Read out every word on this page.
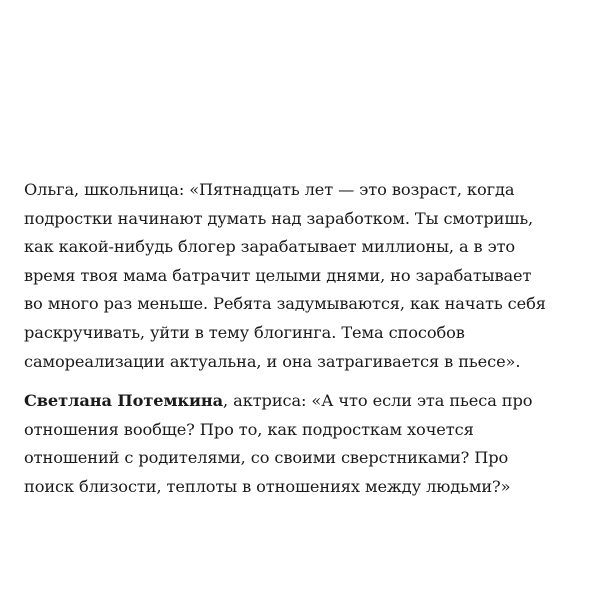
Ольга, школьница: «Пятнадцать лет — это возраст, когда
подростки начинают думать над заработком. Ты смотришь,
как какой-нибудь блогер зарабатывает миллионы, а в это
время твоя мама батрачит целыми днями, но зарабатывает
во много раз меньше. Ребята задумываются, как начать себя
раскручивать, уйти в тему блогинга. Тема способов
самореализации актуальна, и она затрагивается в пьесе».
Светлана Потемкина, актриса: «А что если эта пьеса про
отношения вообще? Про то, как подросткам хочется
отношений с родителями, со своими сверстниками? Про
поиск близости, теплоты в отношениях между людьми?»
